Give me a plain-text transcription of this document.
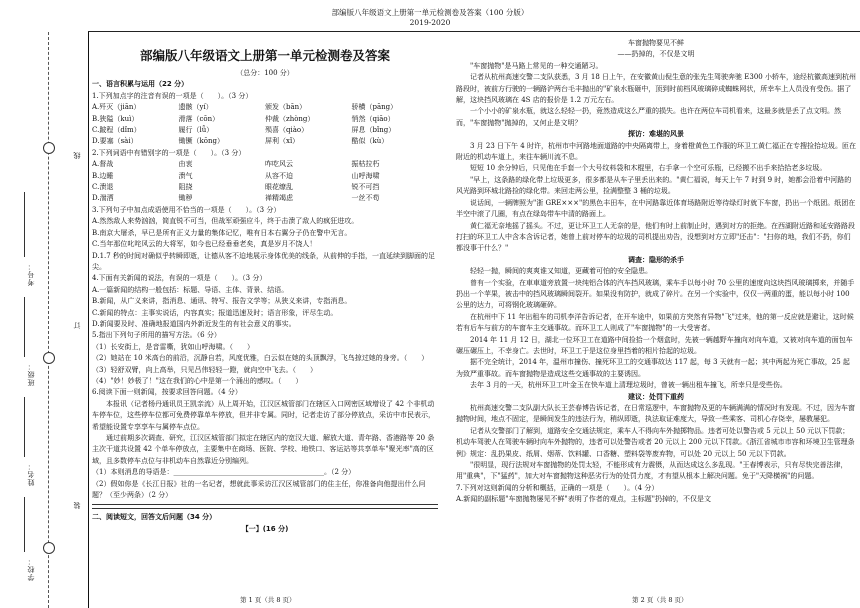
部编版八年级语文上册第一单元检测卷及答案（100 分版）
2019-2020
线
订
装
考号：
班级：
姓名：
学校：
部编版八年级语文上册第一单元检测卷及答案

（总分：100 分）

一、语言积累与运用（22 分）

1.下列加点字的注音有误的一项是（　　）。（3 分）

A.歼灭（jiān）	遗骸（yí）	颁发（bān）	骄横（pāng）
B.狭隘（kuì）	滑落（cōn）	仲裁（zhòng）	悄然（qiāo）
C.跛程（dǐm）	履行（lǚ）	殒喜（qiào）	屏息（bǐng）
D.要塞（sài）	锄镢（kōng）	屏利（xǐ）	酷似（kù）

2.下列词语中有错别字的一项是（　　）。（3 分）

A.督战	由衷	咋吃风云	振枯拉朽
B.边睡	溃气	从容不迫	山呼海啸
C.溃退	阻挠	眼花缭乱	锐不可挡
D.湍洒	锄秽	禅精竭虑	一丝不苟

3.下列句子中加点成语使用不恰当的一项是（　　）。（3 分）

A.然然敌人来势汹汹，简直锐不可当，但战军顽强应斗，终于击溃了敌人的疯狂进攻。

B.南京大屠杀，早已是所有正义力量的集体记忆，唯有日本右翼分子仍在警中无言。

C.当年那位叱咤风云的大将军，如今也已经垂垂老矣，真是岁月不饶人！

D.1.7 秒的时间对确似乎转瞬即逝，让德从客不迫地展示身体优美的线条，从前伸的手指，一直延续到脚面的足尖。

4.下面有关新闻的说法，有误的一项是（　　）。（3 分）

A.一篇新闻的结构一般包括：标题、导语、主体、背景、结语。

B.新闻，从广义来讲，指消息、通讯、特写、报告文学等；从狭义来讲，专指消息。

C.新闻的特点：主事实说话，内容真实；报道迅速及时；语言形象，评尽生动。

D.新闻要及时、准确地报道国内外新近发生的有社会意义的事实。

5.指出下列句子所用的描写方法。（6 分）

（1）长安街上，是音雷嘶，犹如山呼海啸。（　　）

（2）她站在 10 米高台的前沿，沉静自若，风度优雅，白云似在她的头顶飘浮，飞鸟掠过她的身旁。（　　）

（3）轻舒双臂，向上高举，只见吕伟轻轻一蹬，就向空中飞去。（　　）

（4）"妙！妙极了！"这在我们的心中是第一个涌出的感叹。（　　）

6.阅读下面一则新闻，按要求回答问题。（4 分）

本报讯（记者杨丹通讯员王凯亲流）从上周开始，江汉区城管部门在辖区入口网密区域增设了 42 个非机动车停车位，这些停车位都可免费停靠单车停放，但并非专属。同时，记者走访了部分停放点，采访中市民表示，希望能设置专享享车与属停车点位。

通过前期多次调查、研究，江汉区城管部门拟定在辖区内的宽汉大道、解放大道、青年路、香港路等 20 条主次干道共设置 42 个单车停放点，主要集中在商场、医院、学校、地铁口、客运站等共享单车"聚光率"高的区域，且多数停车点位与非机动车自然靠近分别编列。

（1）本则消息的导语是：___________________________________________。（2 分）

（2）假如你是《长江日报》社的一名记者，想就此事采访江汉区城管部门的住主任，你准备向他提出什么问题？（至少两条）（2 分）

二、阅读短文，回答文后问题（34 分）

【一】(16 分)

第 1 页（共 8 页）

车窗抛物要见不鲜

——扔掉的，不仅是文明

"车窗抛物"是马路上常见的一种交通陋习。

记者从杭州高速交警二支队获悉，3 月 18 日上午，在安徽黄山倪生意的张先生驾驶奔驰 E300 小轿车，途经杭徽高速到杭州路段时，被前方行驶的一辆路沪两台毛丰抛出的"矿泉水瓶砸中，顶到时前档风玻璃碎成蜘蛛网状，所幸车上人员没有受伤。据了解，这块挡风玻璃在 4S 店的报价是 1.2 万元左右。

一个小小的矿泉水瓶，就这么轻轻一扔，竟然造成这么严重的损失。也许在两位车司机看来，这最多就是丢了点文明。然而，"车窗抛物"抛掉的，又何止是文明？

探访：难堪的风景

3 月 23 日下午 4 时许，杭州市中河路地面道路的中央隔离带上，身着橙黄色工作服的环卫工黄仁福正在专搜捡拾垃圾。匝在附近的机动车道上，来往车辆川流不息。

短短 10 余分钟后，只见他在手套一个大号纹料袋和木棍里，右手拿一个空可乐瓶，已经搬不出手来拾拾老多垃圾。

"早上，这条路的绿化带上垃圾更多，很多都是从车子里丢出来的。"黄仁福说，每天上午 7 时到 9 时，她都会沿着中河路的风光路到环城北路捡的绿化带。来回走两公里，捡满整整 3 桶的垃圾。

说话间，一辆牌照为"浙 GRE×××"的黑色丰田车，在中河路靠近体育场路附近等待绿灯时就下车窗，扔出一个纸团。纸团在半空中滚了几圈，有点在绿岛带车中清的路面上。

黄仁福无奈地摇了摇头。不过，更让环卫工人无奈的是，他们有时上前制止时，遇到对方的拒绝。在西湖附近路和延安路路段打扫的环卫工人中含本含诉记者，她曾上前对停车的垃圾的司机提出劝告，没想到对方立即"还击"："扫你的地，我们不扔，你们都没事干什么？"

调查：隐形的杀手

轻轻一抛，瞬间的爽爽谁又知道，更藏着可怕的安全隐患。

曾有一个实验，在車車道旁放置一块纯铝合体的汽车挡风玻璃，乘车手以每小时 70 公里的速度向这块挡风玻璃掷来，并随手扔出一个苹果，被击中的挡风玻璃瞬间裂开。如果没有防护，就成了碎片。在另一个实验中，仅仅一两重的蛋，能以每小时 100 公里的达力，可将钢化玻璃砸碎。

在杭州中下 11 年出租车的司机李洋告诉记者，在开车途中，如果前方突然有异物"飞"过来，他的第一反应就是避让，这时候若有后车与前方的车窗车主交通事故。而环卫工人则成了"车窗抛物"的一大受害者。

2014 年 11 月 12 日，湖北一位环卫工在道路中间捡拾一个烟盒时，先被一辆越野车撞向对向车道，又被对向车道的面包车碾压碾压上，不幸身亡。去世时，环卫工于是这位身里挡着的相片拾起的垃圾。

据不完全统计，2014 年，温州市撞伤、撞死环卫工的交通事故达 117 起，每 3 天就有一起；其中两起为死亡事故，25 起为致严重事故。而车窗抛物是造成这些交通事故的主要诱因。

去年 3 月的一天，杭州环卫工叶金玉在快车道上清理垃圾时，曾被一辆出租车撞飞，所幸只是受些伤。

建议：处罚下重药

杭州高速交警二支队副大队长王芸春博告诉记者，在日常巡逻中，车窗抛物及更的车辆满满的情况时有发现。不过，因为车窗抛物时间，地点不固定，是瞬间发生的违法行为，稍纵即逝，执法取证难度大，导致一些乘客、司机心存侥幸，屡教屡犯。

记者从交警部门了解到，道路安全交通法规定，乘车人不得向车外抛掷物品。违者可处以警告或 5 元以上 50 元以下罚款；机动车驾驶人在驾驶车辆时向车外抛物的，违者可以处警告或者 20 元以上 200 元以下罚款。《浙江省城市市容和环境卫生管理条例》规定：乱扔果皮、纸屑、烟蒂、饮料罐、口香糖、塑料袋等废弃物，可以处 20 元以上 50 元以下罚款。

"很明显，现行法规对车窗抛物的处罚太轻，不能形成有力震慑，从而达成这么多乱现。"王春博表示，只有尽快完善法律，用"重典"，下"猛药"，加大对车窗抛物这种恶劣行为的处罚力度，才有望从根本上解决问题。免于"天降横祸"的问题。

7.下列对这则新闻的分析和概括，正确的一项是（　　）。（4 分）

A.新闻的副标题"车窗抛物屡见不鲜"表明了作者的观点，主标题"扔掉的，不仅是文

第 2 页（共 8 页）
